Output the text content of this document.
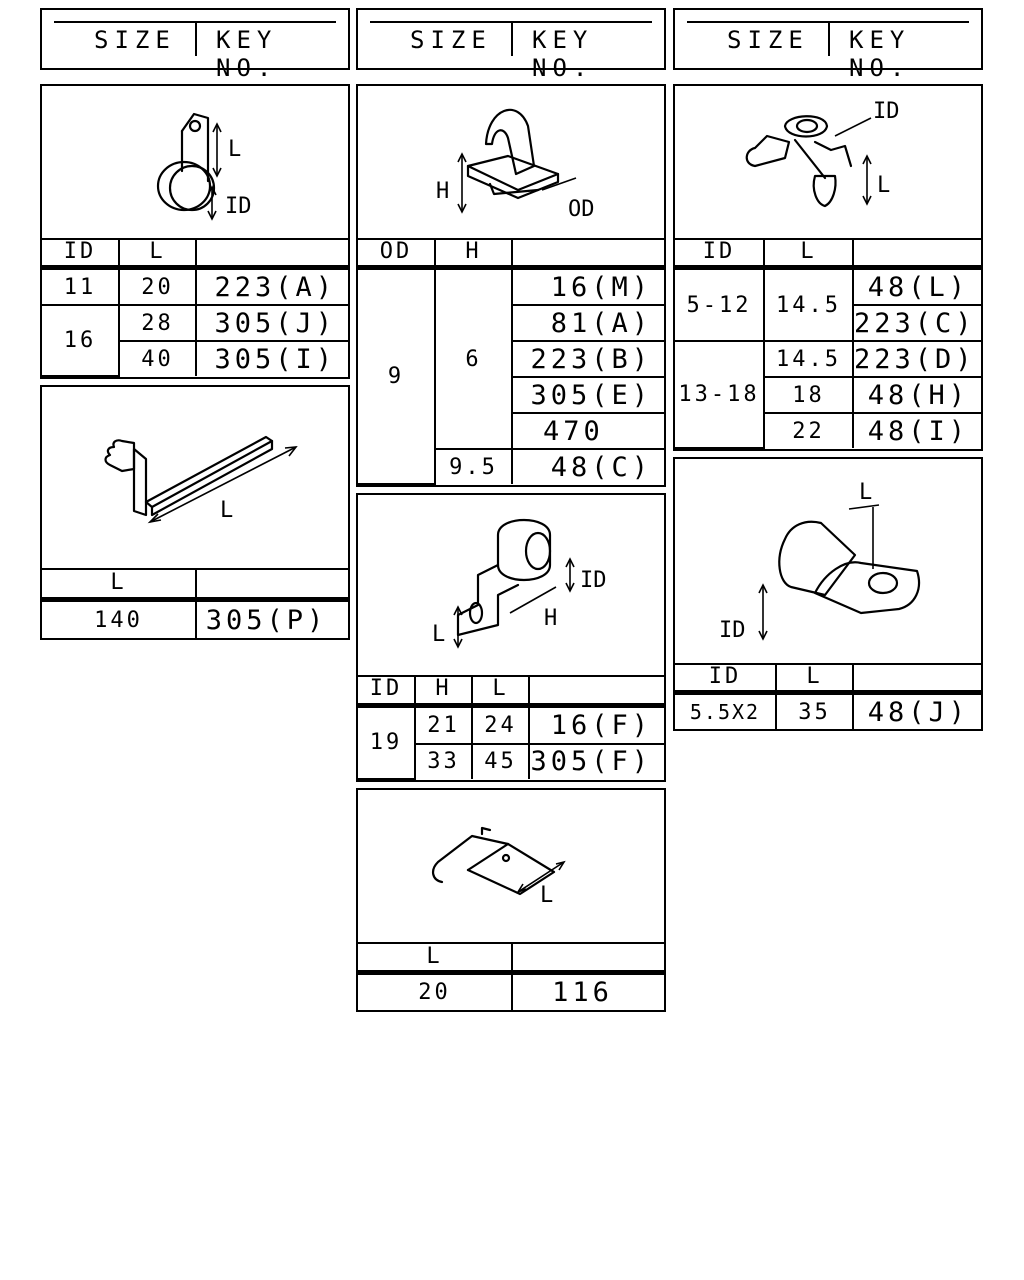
SIZE KEY NO.
SIZE KEY NO.
SIZE KEY NO.
L
ID
ID	L	
11	20	223(A)
16	28	305(J)
	40	305(I)
L
L	
140	305(P)
H
OD
OD	H	
9	6	16(M)
		81(A)
		223(B)
		305(E)
		470
	9.5	48(C)
L
ID
H
ID	H	L	
19	21	24	16(F)
	33	45	305(F)
L
L	
20	116
ID
L
ID	L	
5-12	14.5	48(L)
		223(C)
13-18	14.5	223(D)
	18	48(H)
	22	48(I)
L
ID
ID	L	
5.5X2	35	48(J)
